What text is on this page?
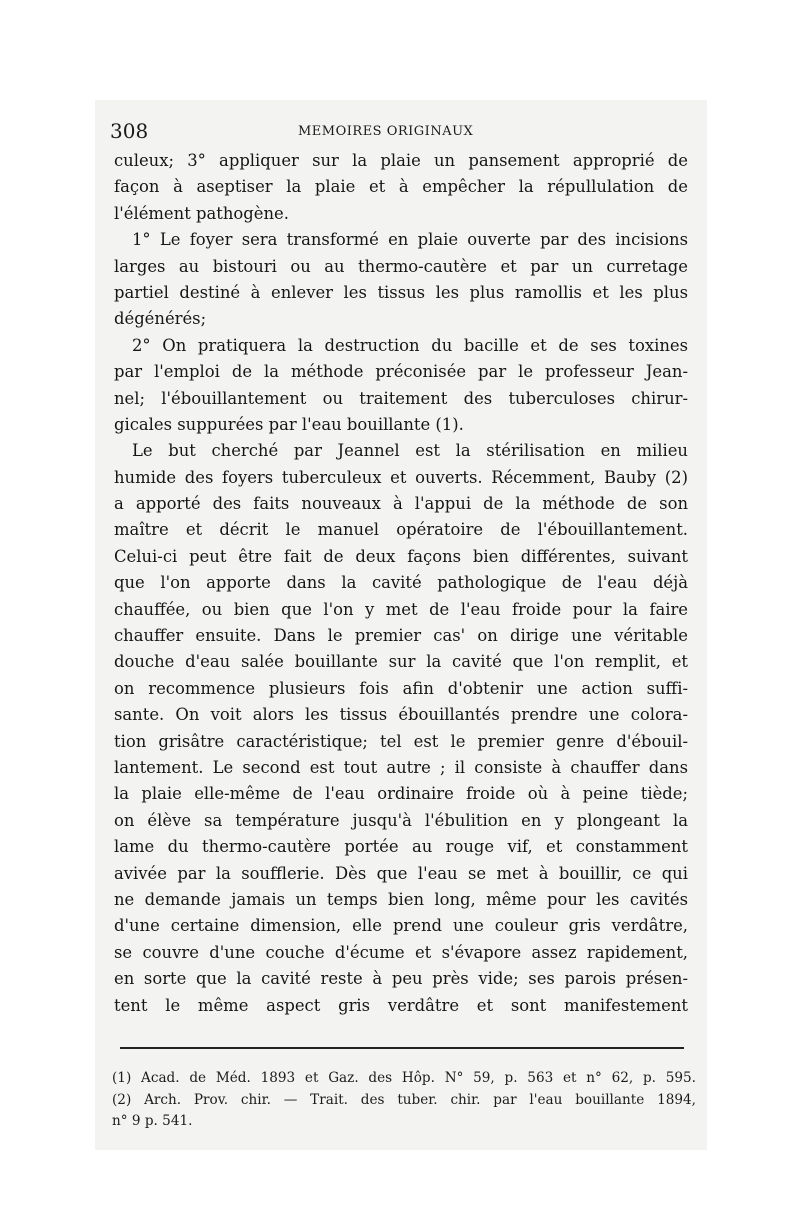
308	MEMOIRES ORIGINAUX
culeux; 3° appliquer sur la plaie un pansement approprié de
façon à aseptiser la plaie et à empêcher la répullulation de
l'élément pathogène.
1° Le foyer sera transformé en plaie ouverte par des incisions
larges au bistouri ou au thermo-cautère et par un curretage
partiel destiné à enlever les tissus les plus ramollis et les plus
dégénérés;
2° On pratiquera la destruction du bacille et de ses toxines
par l'emploi de la méthode préconisée par le professeur Jean-
nel; l'ébouillantement ou traitement des tuberculoses chirur-
gicales suppurées par l'eau bouillante (1).
Le but cherché par Jeannel est la stérilisation en milieu
humide des foyers tuberculeux et ouverts. Récemment, Bauby (2)
a apporté des faits nouveaux à l'appui de la méthode de son
maître et décrit le manuel opératoire de l'ébouillantement.
Celui-ci peut être fait de deux façons bien différentes, suivant
que l'on apporte dans la cavité pathologique de l'eau déjà
chauffée, ou bien que l'on y met de l'eau froide pour la faire
chauffer ensuite. Dans le premier cas' on dirige une véritable
douche d'eau salée bouillante sur la cavité que l'on remplit, et
on recommence plusieurs fois afin d'obtenir une action suffi-
sante. On voit alors les tissus ébouillantés prendre une colora-
tion grisâtre caractéristique; tel est le premier genre d'ébouil-
lantement. Le second est tout autre ; il consiste à chauffer dans
la plaie elle-même de l'eau ordinaire froide où à peine tiède;
on élève sa température jusqu'à l'ébulition en y plongeant la
lame du thermo-cautère portée au rouge vif, et constamment
avivée par la soufflerie. Dès que l'eau se met à bouillir, ce qui
ne demande jamais un temps bien long, même pour les cavités
d'une certaine dimension, elle prend une couleur gris verdâtre,
se couvre d'une couche d'écume et s'évapore assez rapidement,
en sorte que la cavité reste à peu près vide; ses parois présen-
tent le même aspect gris verdâtre et sont manifestement
(1) Acad. de Méd. 1893 et Gaz. des Hôp. N° 59, p. 563 et n° 62, p. 595.
(2) Arch. Prov. chir. — Trait. des tuber. chir. par l'eau bouillante 1894,
n° 9 p. 541.
